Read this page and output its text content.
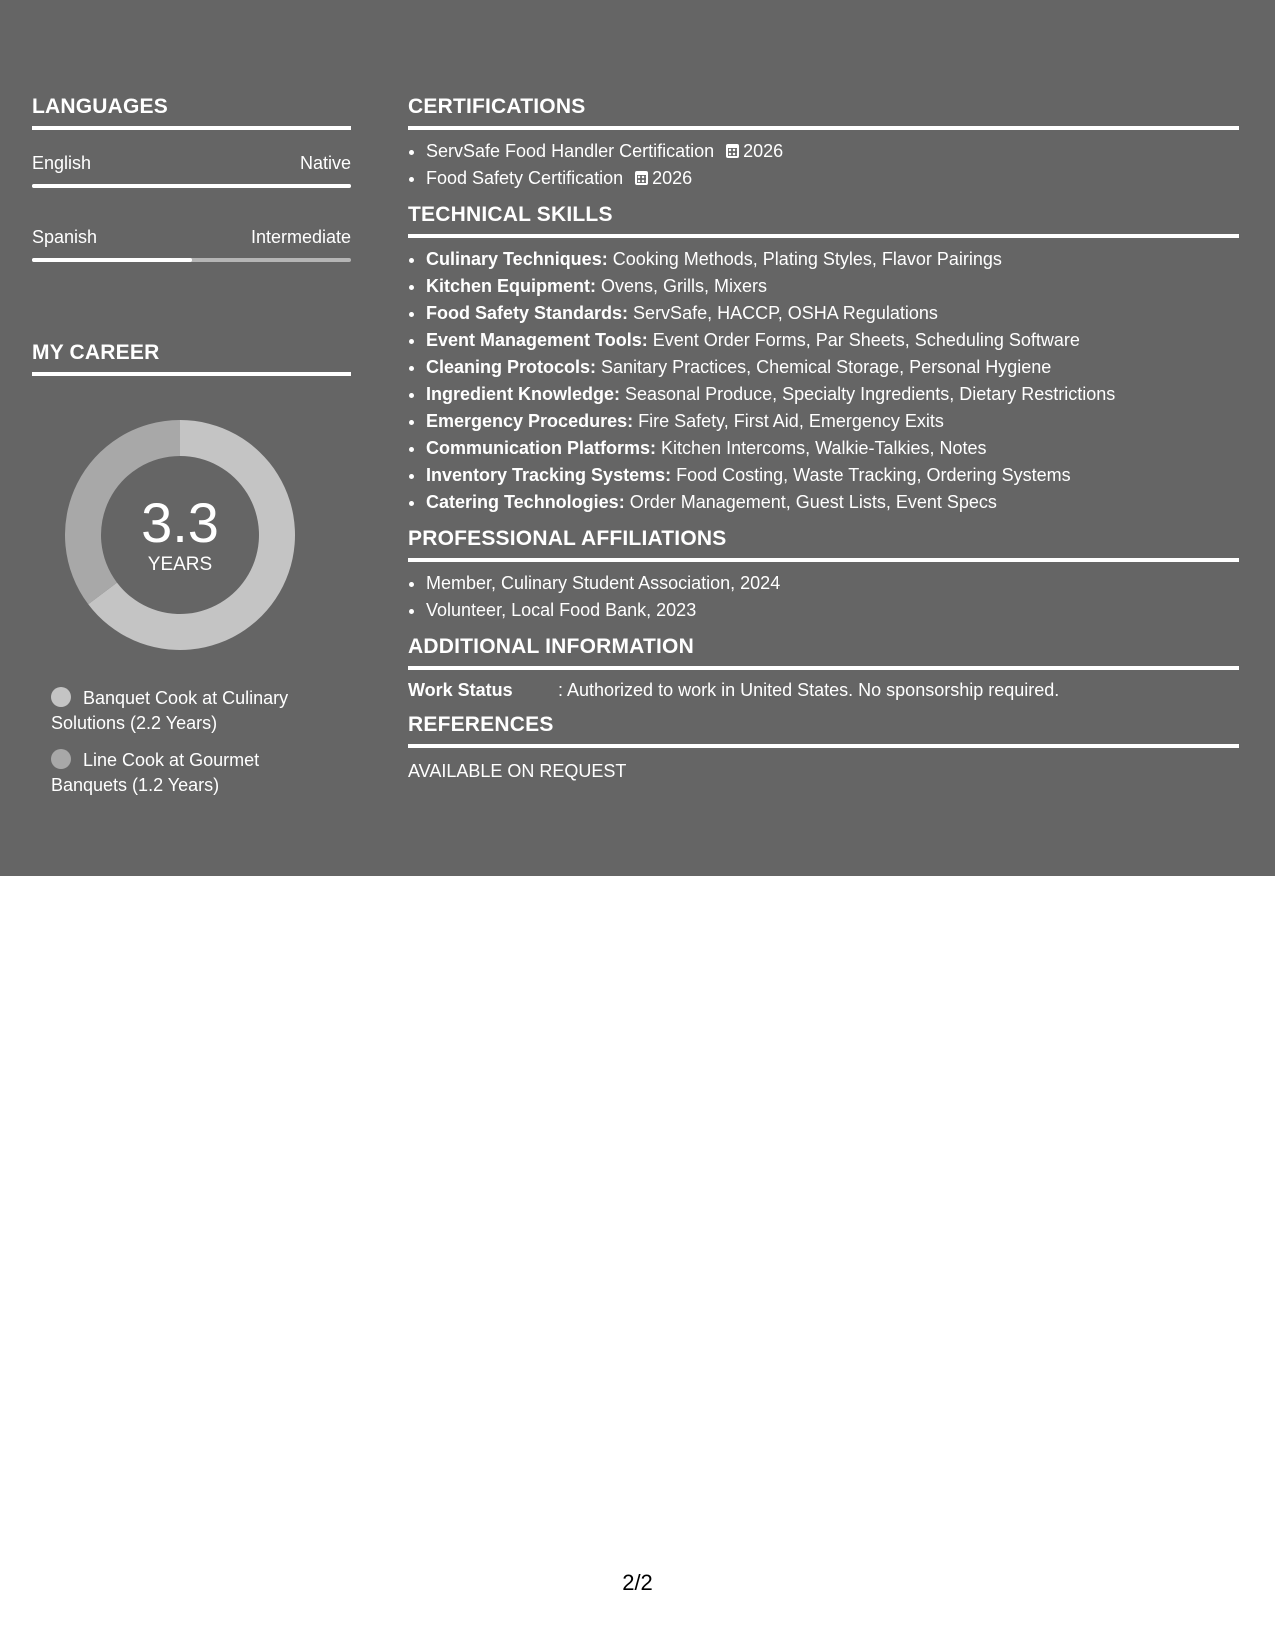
LANGUAGES
English	Native
Spanish	Intermediate
MY CAREER
3.3
YEARS
Banquet Cook at Culinary Solutions (2.2 Years)
Line Cook at Gourmet Banquets (1.2 Years)
CERTIFICATIONS
• ServSafe Food Handler Certification 2026
• Food Safety Certification 2026
TECHNICAL SKILLS
• Culinary Techniques: Cooking Methods, Plating Styles, Flavor Pairings
• Kitchen Equipment: Ovens, Grills, Mixers
• Food Safety Standards: ServSafe, HACCP, OSHA Regulations
• Event Management Tools: Event Order Forms, Par Sheets, Scheduling Software
• Cleaning Protocols: Sanitary Practices, Chemical Storage, Personal Hygiene
• Ingredient Knowledge: Seasonal Produce, Specialty Ingredients, Dietary Restrictions
• Emergency Procedures: Fire Safety, First Aid, Emergency Exits
• Communication Platforms: Kitchen Intercoms, Walkie-Talkies, Notes
• Inventory Tracking Systems: Food Costing, Waste Tracking, Ordering Systems
• Catering Technologies: Order Management, Guest Lists, Event Specs
PROFESSIONAL AFFILIATIONS
• Member, Culinary Student Association, 2024
• Volunteer, Local Food Bank, 2023
ADDITIONAL INFORMATION
Work Status	: Authorized to work in United States. No sponsorship required.
REFERENCES
AVAILABLE ON REQUEST
2/2
